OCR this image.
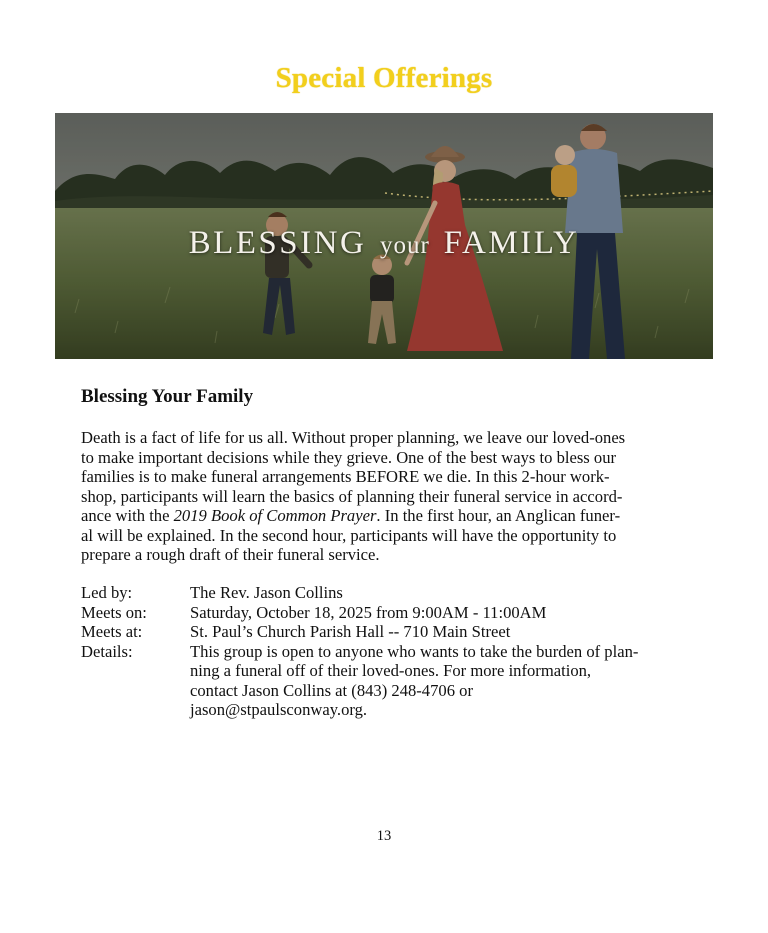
Special Offerings
BLESSING your FAMILY
Blessing Your Family
Death is a fact of life for us all. Without proper planning, we leave our loved-ones
to make important decisions while they grieve. One of the best ways to bless our
families is to make funeral arrangements BEFORE we die. In this 2-hour work-
shop, participants will learn the basics of planning their funeral service in accord-
ance with the 2019 Book of Common Prayer. In the first hour, an Anglican funer-
al will be explained. In the second hour, participants will have the opportunity to
prepare a rough draft of their funeral service.
Led by:	The Rev. Jason Collins
Meets on:	Saturday, October 18, 2025 from 9:00AM - 11:00AM
Meets at:	St. Paul’s Church Parish Hall -- 710 Main Street
Details:	This group is open to anyone who wants to take the burden of plan-
ning a funeral off of their loved-ones. For more information,
contact Jason Collins at (843) 248-4706 or
jason@stpaulsconway.org.
13
